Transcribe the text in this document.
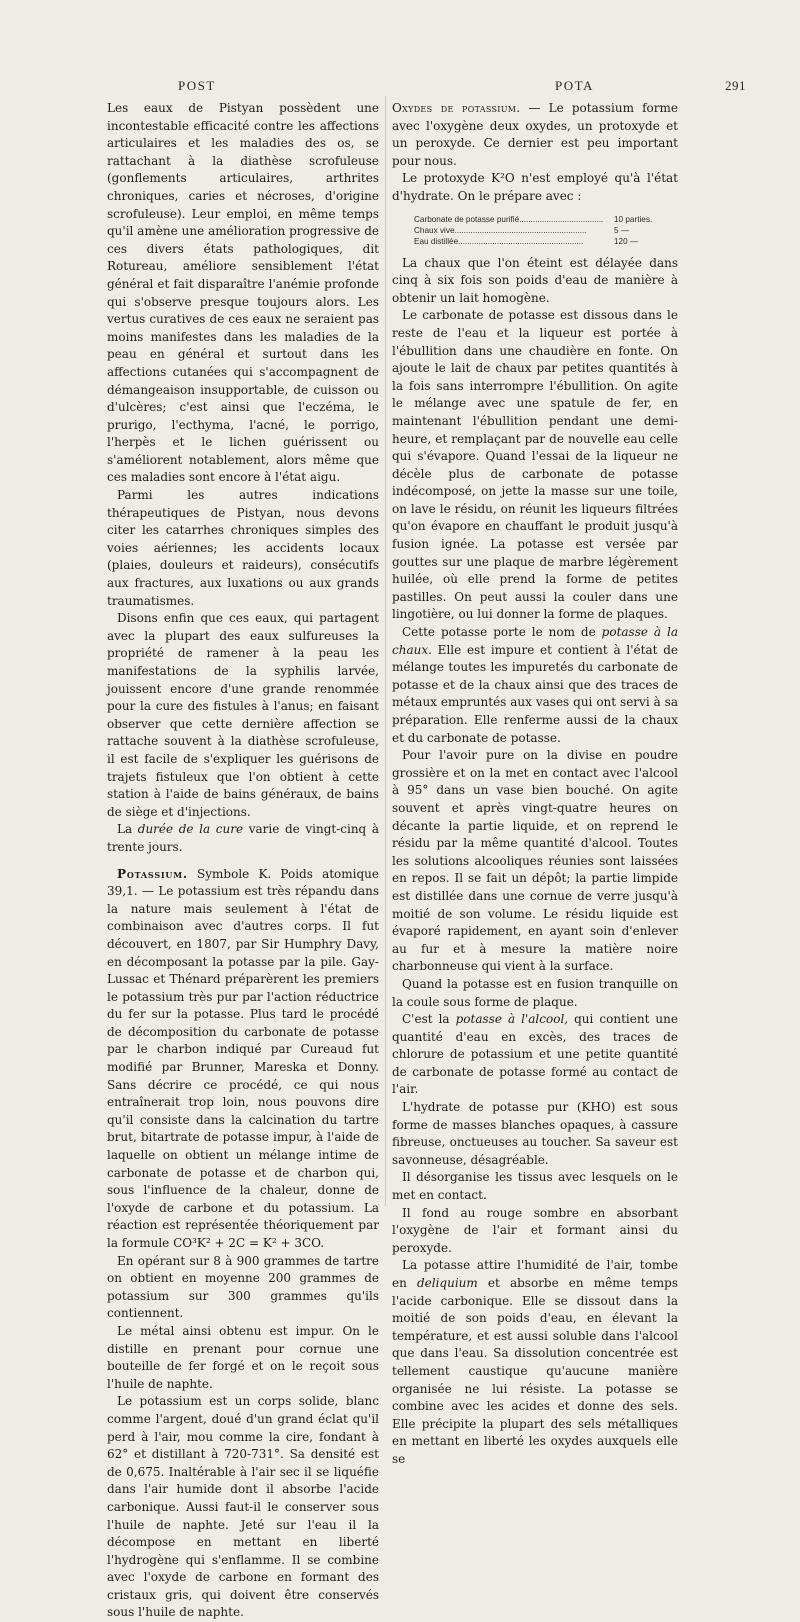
POST	POTA	291

Les eaux de Pistyan possèdent une incontestable efficacité contre les affections articulaires et les maladies des os, se rattachant à la diathèse scrofuleuse (gonflements articulaires, arthrites chroniques, caries et nécroses, d'origine scrofuleuse). Leur emploi, en même temps qu'il amène une amélioration progressive de ces divers états pathologiques, dit Rotureau, améliore sensiblement l'état général et fait disparaître l'anémie profonde qui s'observe presque toujours alors. Les vertus curatives de ces eaux ne seraient pas moins manifestes dans les maladies de la peau en général et surtout dans les affections cutanées qui s'accompagnent de démangeaison insupportable, de cuisson ou d'ulcères; c'est ainsi que l'eczéma, le prurigo, l'ecthyma, l'acné, le porrigo, l'herpès et le lichen guérissent ou s'améliorent notablement, alors même que ces maladies sont encore à l'état aigu.

Parmi les autres indications thérapeutiques de Pistyan, nous devons citer les catarrhes chroniques simples des voies aériennes; les accidents locaux (plaies, douleurs et raideurs), consécutifs aux fractures, aux luxations ou aux grands traumatismes.

Disons enfin que ces eaux, qui partagent avec la plupart des eaux sulfureuses la propriété de ramener à la peau les manifestations de la syphilis larvée, jouissent encore d'une grande renommée pour la cure des fistules à l'anus; en faisant observer que cette dernière affection se rattache souvent à la diathèse scrofuleuse, il est facile de s'expliquer les guérisons de trajets fistuleux que l'on obtient à cette station à l'aide de bains généraux, de bains de siège et d'injections.

La durée de la cure varie de vingt-cinq à trente jours.

Potassium. Symbole K. Poids atomique 39,1. — Le potassium est très répandu dans la nature mais seulement à l'état de combinaison avec d'autres corps. Il fut découvert, en 1807, par Sir Humphry Davy, en décomposant la potasse par la pile. Gay-Lussac et Thénard préparèrent les premiers le potassium très pur par l'action réductrice du fer sur la potasse. Plus tard le procédé de décomposition du carbonate de potasse par le charbon indiqué par Cureaud fut modifié par Brunner, Mareska et Donny. Sans décrire ce procédé, ce qui nous entraînerait trop loin, nous pouvons dire qu'il consiste dans la calcination du tartre brut, bitartrate de potasse impur, à l'aide de laquelle on obtient un mélange intime de carbonate de potasse et de charbon qui, sous l'influence de la chaleur, donne de l'oxyde de carbone et du potassium. La réaction est représentée théoriquement par la formule CO³K² + 2C = K² + 3CO.

En opérant sur 8 à 900 grammes de tartre on obtient en moyenne 200 grammes de potassium sur 300 grammes qu'ils contiennent.

Le métal ainsi obtenu est impur. On le distille en prenant pour cornue une bouteille de fer forgé et on le reçoit sous l'huile de naphte.

Le potassium est un corps solide, blanc comme l'argent, doué d'un grand éclat qu'il perd à l'air, mou comme la cire, fondant à 62° et distillant à 720-731°. Sa densité est de 0,675. Inaltérable à l'air sec il se liquéfie dans l'air humide dont il absorbe l'acide carbonique. Aussi faut-il le conserver sous l'huile de naphte. Jeté sur l'eau il la décompose en mettant en liberté l'hydrogène qui s'enflamme. Il se combine avec l'oxyde de carbone en formant des cristaux gris, qui doivent être conservés sous l'huile de naphte.

Oxydes de potassium. — Le potassium forme avec l'oxygène deux oxydes, un protoxyde et un peroxyde. Ce dernier est peu important pour nous.

Le protoxyde K²O n'est employé qu'à l'état d'hydrate. On le prépare avec :

Carbonate de potasse purifié.....................................	10 parties.
Chaux vive..........................................................	5 —
Eau distillée.......................................................	120 —

La chaux que l'on éteint est délayée dans cinq à six fois son poids d'eau de manière à obtenir un lait homogène.

Le carbonate de potasse est dissous dans le reste de l'eau et la liqueur est portée à l'ébullition dans une chaudière en fonte. On ajoute le lait de chaux par petites quantités à la fois sans interrompre l'ébullition. On agite le mélange avec une spatule de fer, en maintenant l'ébullition pendant une demi-heure, et remplaçant par de nouvelle eau celle qui s'évapore. Quand l'essai de la liqueur ne décèle plus de carbonate de potasse indécomposé, on jette la masse sur une toile, on lave le résidu, on réunit les liqueurs filtrées qu'on évapore en chauffant le produit jusqu'à fusion ignée. La potasse est versée par gouttes sur une plaque de marbre légèrement huilée, où elle prend la forme de petites pastilles. On peut aussi la couler dans une lingotière, ou lui donner la forme de plaques.

Cette potasse porte le nom de potasse à la chaux. Elle est impure et contient à l'état de mélange toutes les impuretés du carbonate de potasse et de la chaux ainsi que des traces de métaux empruntés aux vases qui ont servi à sa préparation. Elle renferme aussi de la chaux et du carbonate de potasse.

Pour l'avoir pure on la divise en poudre grossière et on la met en contact avec l'alcool à 95° dans un vase bien bouché. On agite souvent et après vingt-quatre heures on décante la partie liquide, et on reprend le résidu par la même quantité d'alcool. Toutes les solutions alcooliques réunies sont laissées en repos. Il se fait un dépôt; la partie limpide est distillée dans une cornue de verre jusqu'à moitié de son volume. Le résidu liquide est évaporé rapidement, en ayant soin d'enlever au fur et à mesure la matière noire charbonneuse qui vient à la surface.

Quand la potasse est en fusion tranquille on la coule sous forme de plaque.

C'est la potasse à l'alcool, qui contient une quantité d'eau en excès, des traces de chlorure de potassium et une petite quantité de carbonate de potasse formé au contact de l'air.

L'hydrate de potasse pur (KHO) est sous forme de masses blanches opaques, à cassure fibreuse, onctueuses au toucher. Sa saveur est savonneuse, désagréable.

Il désorganise les tissus avec lesquels on le met en contact.

Il fond au rouge sombre en absorbant l'oxygène de l'air et formant ainsi du peroxyde.

La potasse attire l'humidité de l'air, tombe en deliquium et absorbe en même temps l'acide carbonique. Elle se dissout dans la moitié de son poids d'eau, en élevant la température, et est aussi soluble dans l'alcool que dans l'eau. Sa dissolution concentrée est tellement caustique qu'aucune manière organisée ne lui résiste. La potasse se combine avec les acides et donne des sels. Elle précipite la plupart des sels métalliques en mettant en liberté les oxydes auxquels elle se
